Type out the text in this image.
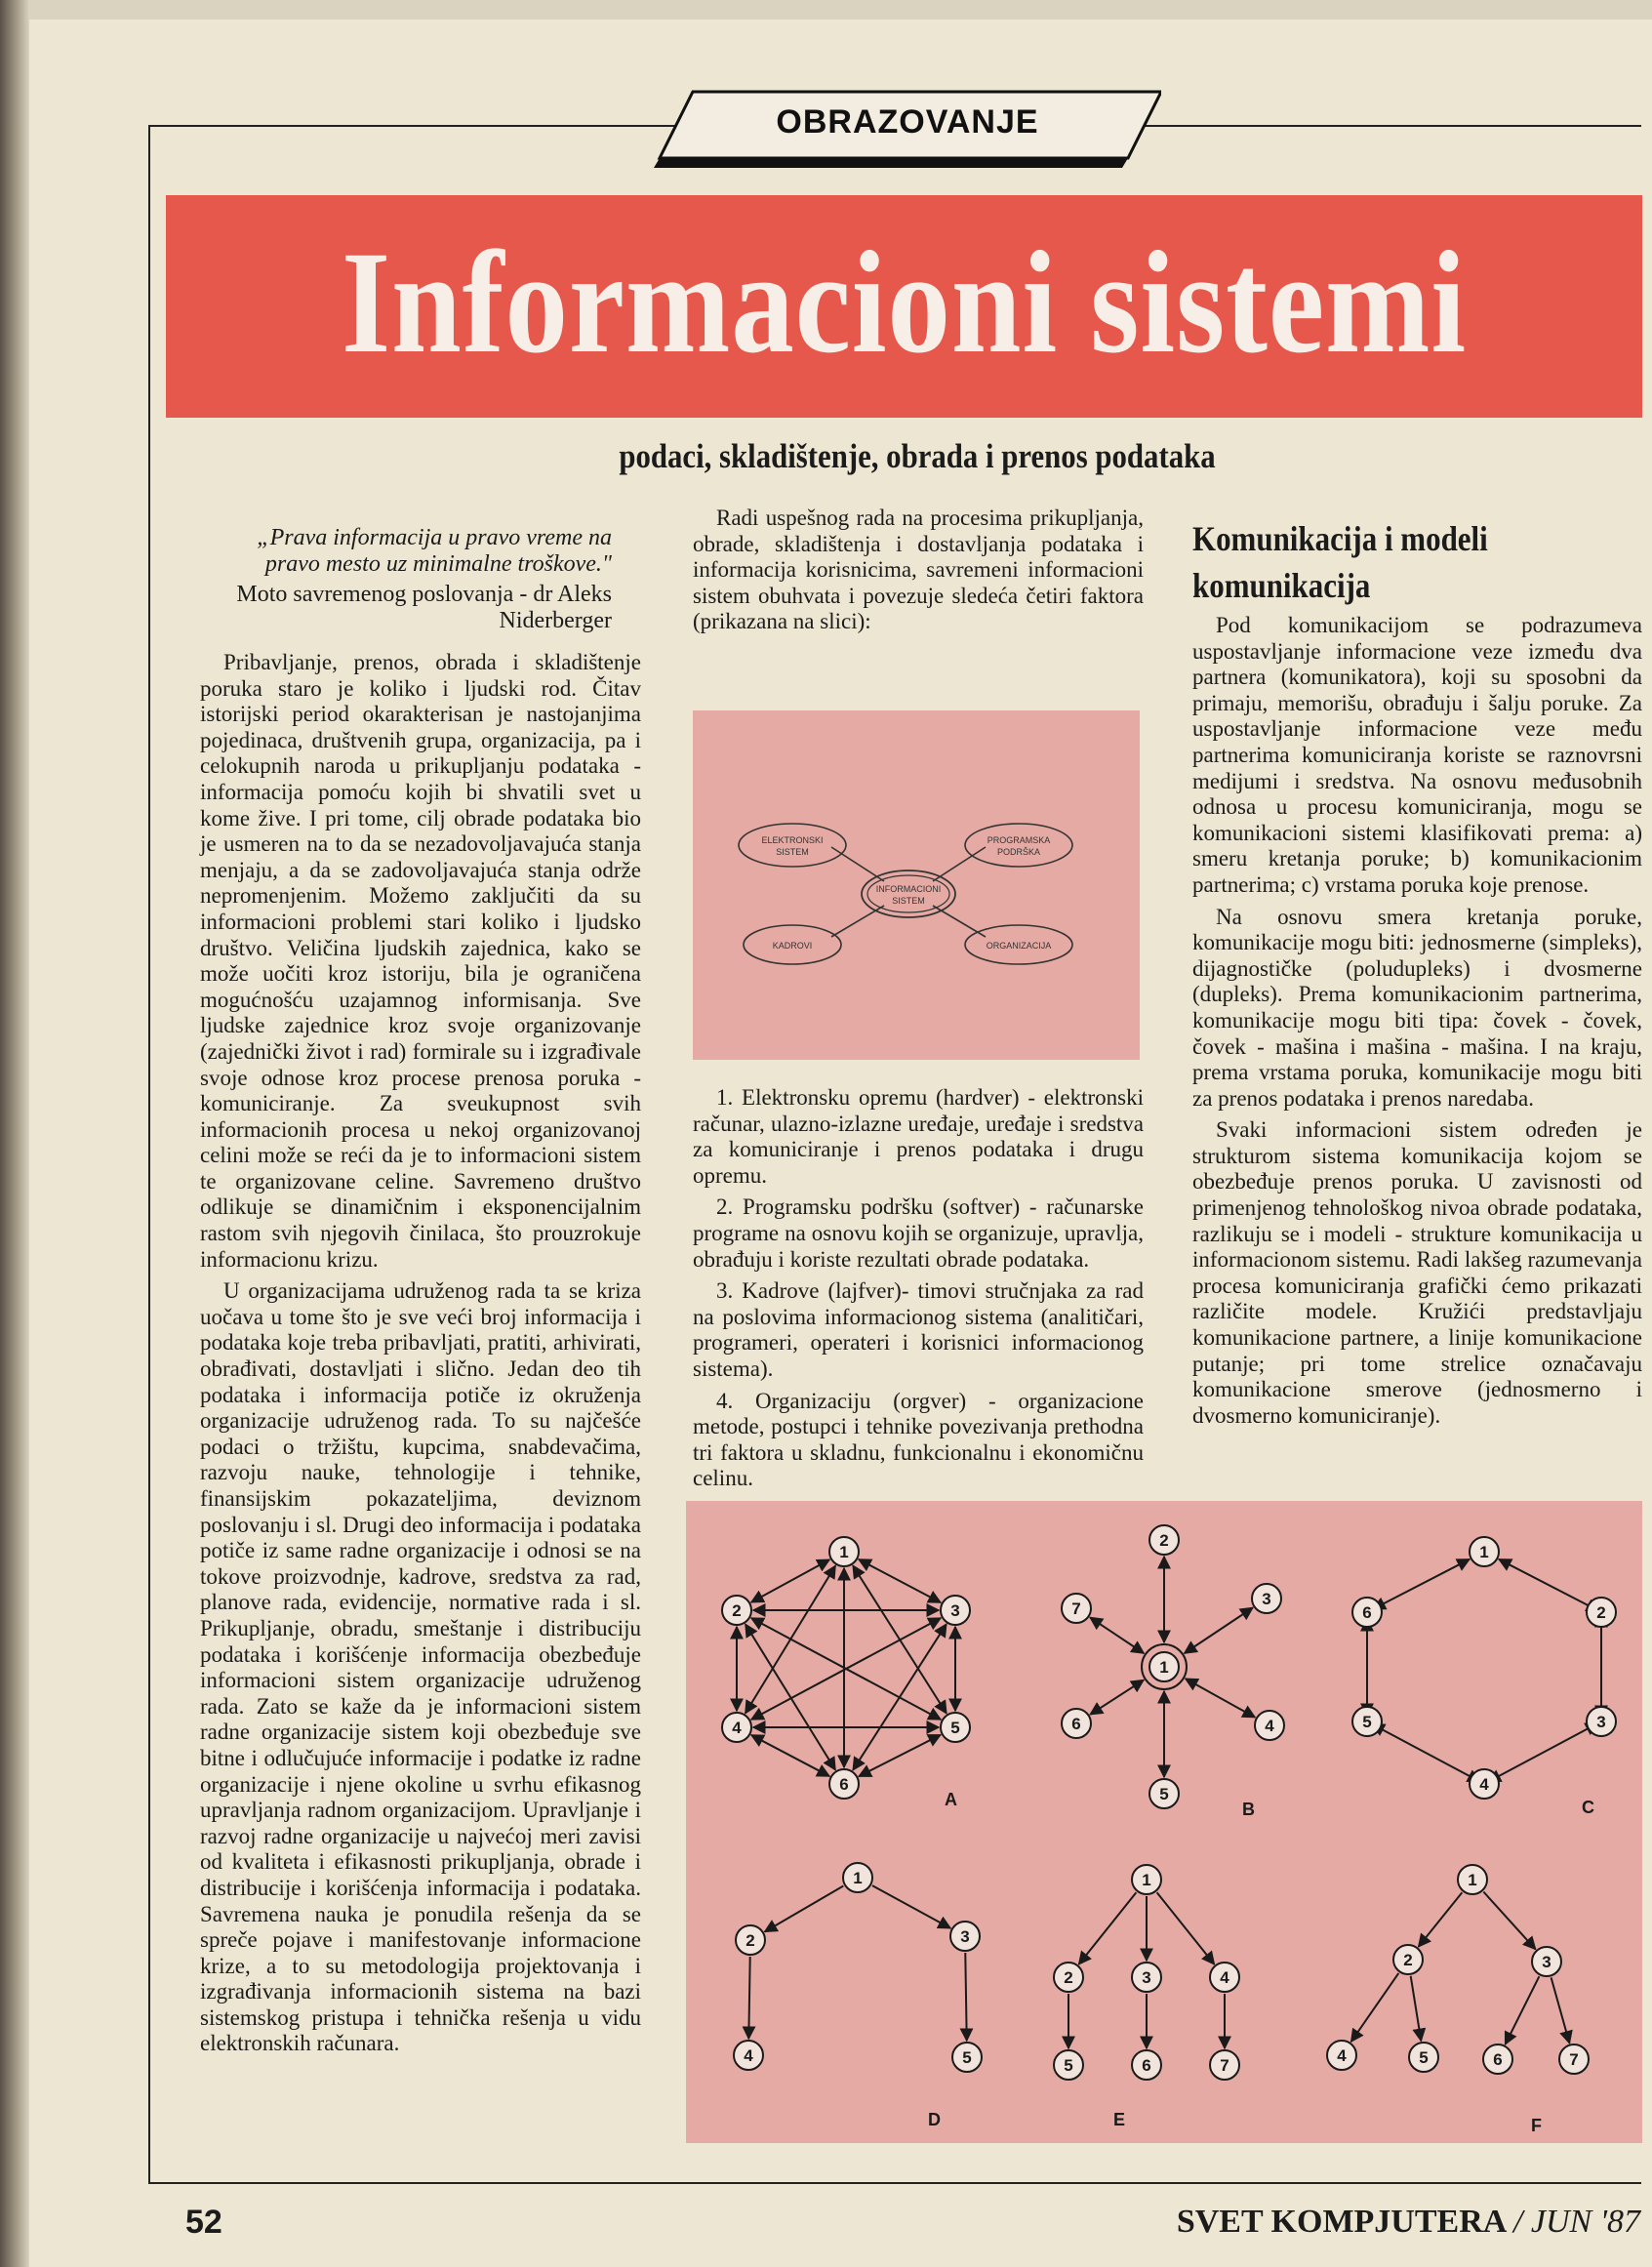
OBRAZOVANJE
Informacioni sistemi
podaci, skladištenje, obrada i prenos podataka
„Prava informacija u pravo vreme na pravo mesto uz minimalne troškove."
Moto savremenog poslovanja - dr Aleks Niderberger

Pribavljanje, prenos, obrada i skladištenje poruka staro je koliko i ljudski rod. Čitav istorijski period okarakterisan je nastojanjima pojedinaca, društvenih grupa, organizacija, pa i celokupnih naroda u prikupljanju podataka - informacija pomoću kojih bi shvatili svet u kome žive. I pri tome, cilj obrade podataka bio je usmeren na to da se nezadovoljavajuća stanja menjaju, a da se zadovoljavajuća stanja održe nepromenjenim. Možemo zaključiti da su informacioni problemi stari koliko i ljudsko društvo. Veličina ljudskih zajednica, kako se može uočiti kroz istoriju, bila je ograničena mogućnošću uzajamnog informisanja. Sve ljudske zajednice kroz svoje organizovanje (zajednički život i rad) formirale su i izgrađivale svoje odnose kroz procese prenosa poruka - komuniciranje. Za sveukupnost svih informacionih procesa u nekoj organizovanoj celini može se reći da je to informacioni sistem te organizovane celine. Savremeno društvo odlikuje se dinamičnim i eksponencijalnim rastom svih njegovih činilaca, što prouzrokuje informacionu krizu.

U organizacijama udruženog rada ta se kriza uočava u tome što je sve veći broj informacija i podataka koje treba pribavljati, pratiti, arhivirati, obrađivati, dostavljati i slično. Jedan deo tih podataka i informacija potiče iz okruženja organizacije udruženog rada. To su najčešće podaci o tržištu, kupcima, snabdevačima, razvoju nauke, tehnologije i tehnike, finansijskim pokazateljima, deviznom poslovanju i sl. Drugi deo informacija i podataka potiče iz same radne organizacije i odnosi se na tokove proizvodnje, kadrove, sredstva za rad, planove rada, evidencije, normative rada i sl. Prikupljanje, obradu, smeštanje i distribuciju podataka i korišćenje informacija obezbeđuje informacioni sistem organizacije udruženog rada. Zato se kaže da je informacioni sistem radne organizacije sistem koji obezbeđuje sve bitne i odlučujuće informacije i podatke iz radne organizacije i njene okoline u svrhu efikasnog upravljanja radnom organizacijom. Upravljanje i razvoj radne organizacije u najvećoj meri zavisi od kvaliteta i efikasnosti prikupljanja, obrade i distribucije i korišćenja informacija i podataka. Savremena nauka je ponudila rešenja da se spreče pojave i manifestovanje informacione krize, a to su metodologija projektovanja i izgrađivanja informacionih sistema na bazi sistemskog pristupa i tehnička rešenja u vidu elektronskih računara.

Radi uspešnog rada na procesima prikupljanja, obrade, skladištenja i dostavljanja podataka i informacija korisnicima, savremeni informacioni sistem obuhvata i povezuje sledeća četiri faktora (prikazana na slici):

INFORMACIONI
SISTEM
ELEKTRONSKI
SISTEM
PROGRAMSKA
PODRŠKA
KADROVI	ORGANIZACIJA

1. Elektronsku opremu (hardver) - elektronski računar, ulazno-izlazne uređaje, uređaje i sredstva za komuniciranje i prenos podataka i drugu opremu.

2. Programsku podršku (softver) - računarske programe na osnovu kojih se organizuje, upravlja, obrađuju i koriste rezultati obrade podataka.

3. Kadrove (lajfver)- timovi stručnjaka za rad na poslovima informacionog sistema (analitičari, programeri, operateri i korisnici informacionog sistema).

4. Organizaciju (orgver) - organizacione metode, postupci i tehnike povezivanja prethodna tri faktora u skladnu, funkcionalnu i ekonomičnu celinu.

Komunikacija i modeli
komunikacija

Pod komunikacijom se podrazumeva uspostavljanje informacione veze između dva partnera (komunikatora), koji su sposobni da primaju, memorišu, obrađuju i šalju poruke. Za uspostavljanje informacione veze među partnerima komuniciranja koriste se raznovrsni medijumi i sredstva. Na osnovu međusobnih odnosa u procesu komuniciranja, mogu se komunikacioni sistemi klasifikovati prema: a) smeru kretanja poruke; b) komunikacionim partnerima; c) vrstama poruka koje prenose.

Na osnovu smera kretanja poruke, komunikacije mogu biti: jednosmerne (simpleks), dijagnostičke (poludupleks) i dvosmerne (dupleks). Prema komunikacionim partnerima, komunikacije mogu biti tipa: čovek - čovek, čovek - mašina i mašina - mašina. I na kraju, prema vrstama poruka, komunikacije mogu biti za prenos podataka i prenos naredaba.

Svaki informacioni sistem određen je strukturom sistema komunikacija kojom se obezbeđuje prenos poruka. U zavisnosti od primenjenog tehnološkog nivoa obrade podataka, razlikuju se i modeli - strukture komunikacija u informacionom sistemu. Radi lakšeg razumevanja procesa komuniciranja grafički ćemo prikazati različite modele. Kružići predstavljaju komunikacione partnere, a linije komunikacione putanje; pri tome strelice označavaju komunikacione smerove (jednosmerno i dvosmerno komuniciranje).

1
2	3
4	5
6
1
2
7
3
6	4
5
1
2
3
4
5
6
1
2	3
4	5
1
2	3	4
5	6	7
1
2	3
4	5	6	7
A	B	C
D	E	F
52	SVET KOMPJUTERA / JUN '87
